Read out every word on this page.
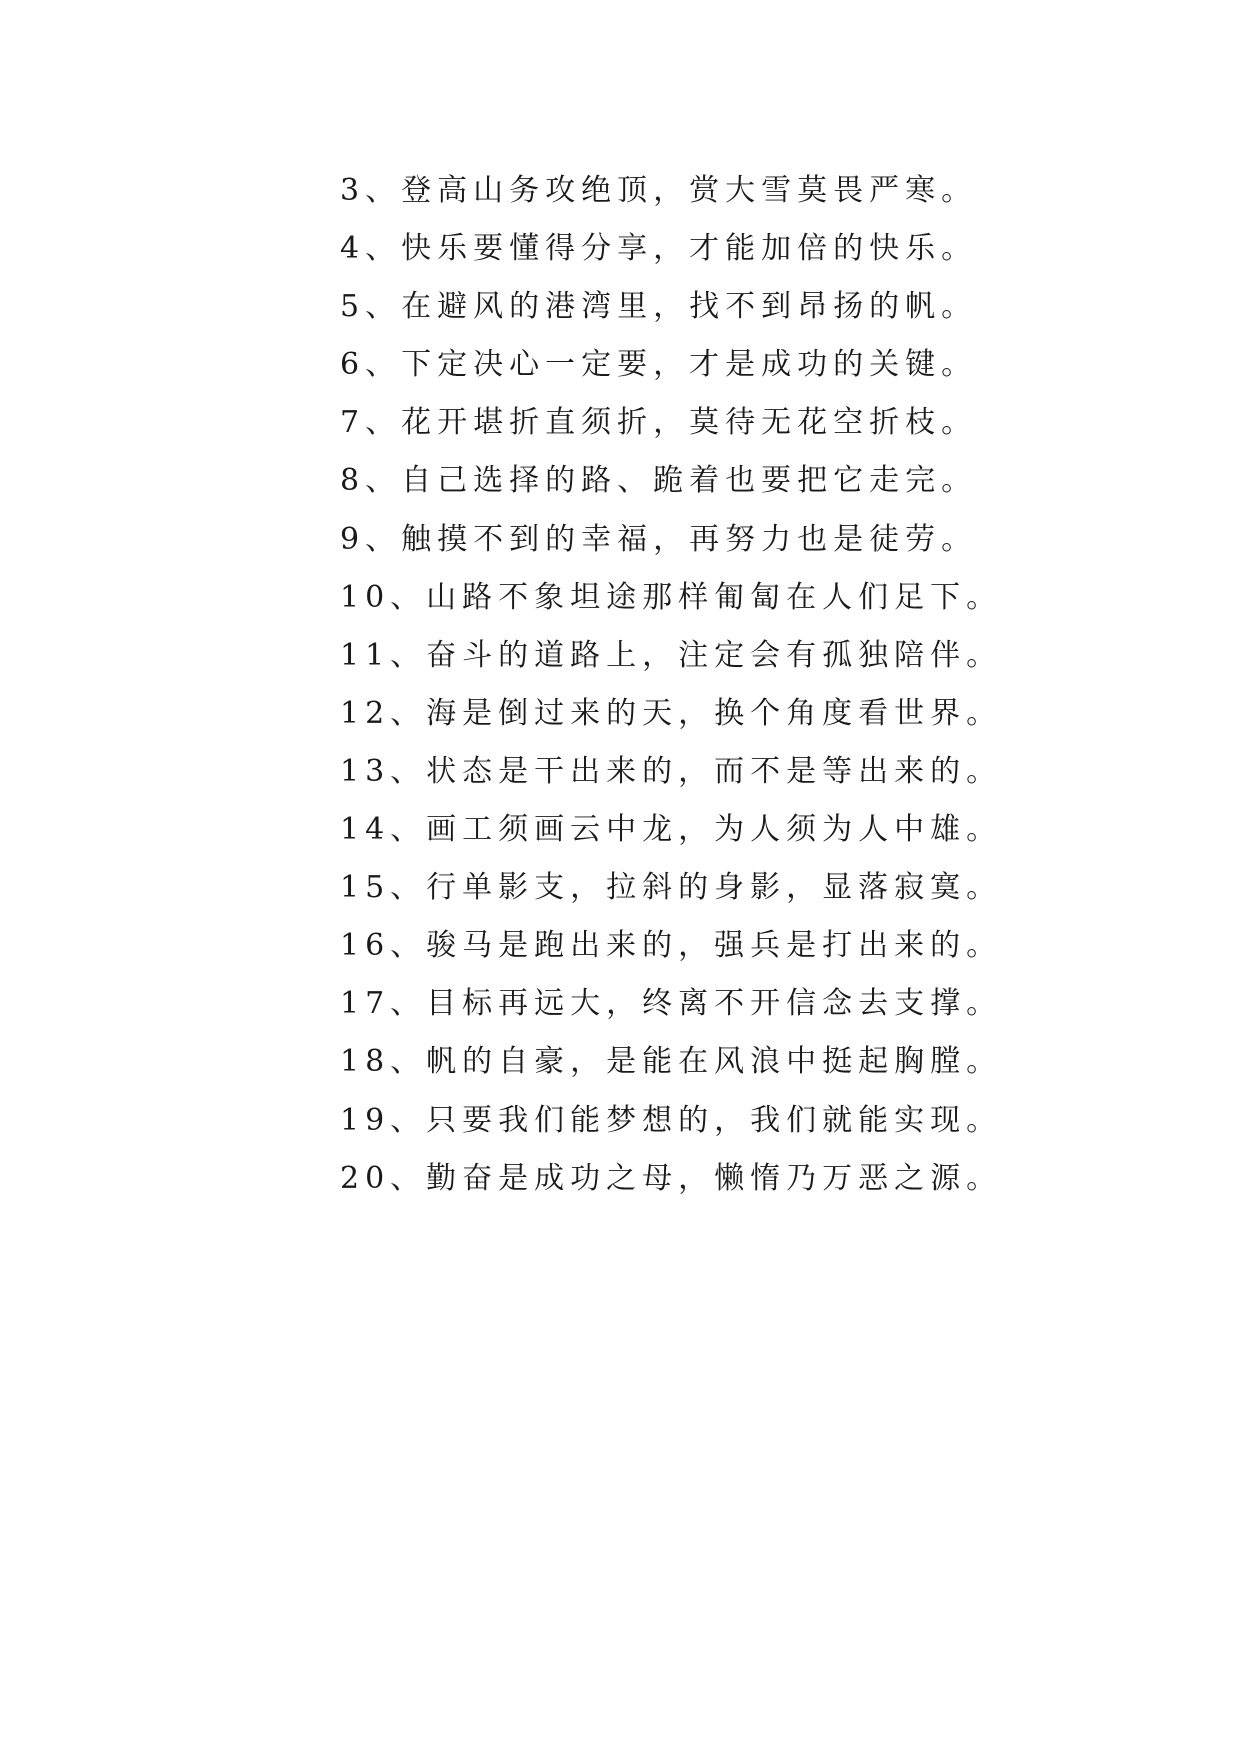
3、登高山务攻绝顶，赏大雪莫畏严寒。
4、快乐要懂得分享，才能加倍的快乐。
5、在避风的港湾里，找不到昂扬的帆。
6、下定决心一定要，才是成功的关键。
7、花开堪折直须折，莫待无花空折枝。
8、自己选择的路、跪着也要把它走完。
9、触摸不到的幸福，再努力也是徒劳。
10、山路不象坦途那样匍匐在人们足下。
11、奋斗的道路上，注定会有孤独陪伴。
12、海是倒过来的天，换个角度看世界。
13、状态是干出来的，而不是等出来的。
14、画工须画云中龙，为人须为人中雄。
15、行单影支，拉斜的身影，显落寂寞。
16、骏马是跑出来的，强兵是打出来的。
17、目标再远大，终离不开信念去支撑。
18、帆的自豪，是能在风浪中挺起胸膛。
19、只要我们能梦想的，我们就能实现。
20、勤奋是成功之母，懒惰乃万恶之源。
